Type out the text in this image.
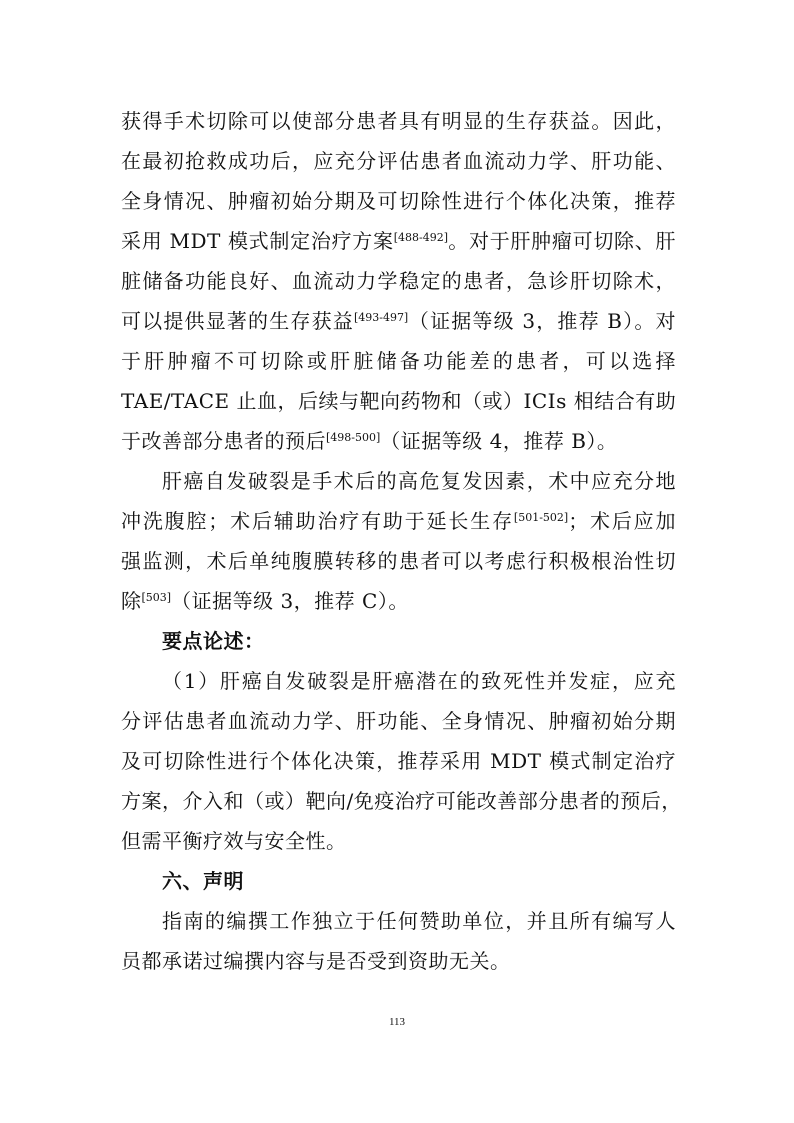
获得手术切除可以使部分患者具有明显的生存获益。因此，
在最初抢救成功后，应充分评估患者血流动力学、肝功能、
全身情况、肿瘤初始分期及可切除性进行个体化决策，推荐
采用 MDT 模式制定治疗方案[488-492]。对于肝肿瘤可切除、肝
脏储备功能良好、血流动力学稳定的患者，急诊肝切除术，
可以提供显著的生存获益[493-497]（证据等级 3，推荐 B）。对
于肝肿瘤不可切除或肝脏储备功能差的患者，可以选择
TAE/TACE 止血，后续与靶向药物和（或）ICIs 相结合有助
于改善部分患者的预后[498-500]（证据等级 4，推荐 B）。
肝癌自发破裂是手术后的高危复发因素，术中应充分地
冲洗腹腔；术后辅助治疗有助于延长生存[501-502]；术后应加
强监测，术后单纯腹膜转移的患者可以考虑行积极根治性切
除[503]（证据等级 3，推荐 C）。
要点论述：
（1）肝癌自发破裂是肝癌潜在的致死性并发症，应充
分评估患者血流动力学、肝功能、全身情况、肿瘤初始分期
及可切除性进行个体化决策，推荐采用 MDT 模式制定治疗
方案，介入和（或）靶向/免疫治疗可能改善部分患者的预后，
但需平衡疗效与安全性。
六、声明
指南的编撰工作独立于任何赞助单位，并且所有编写人
员都承诺过编撰内容与是否受到资助无关。
113
